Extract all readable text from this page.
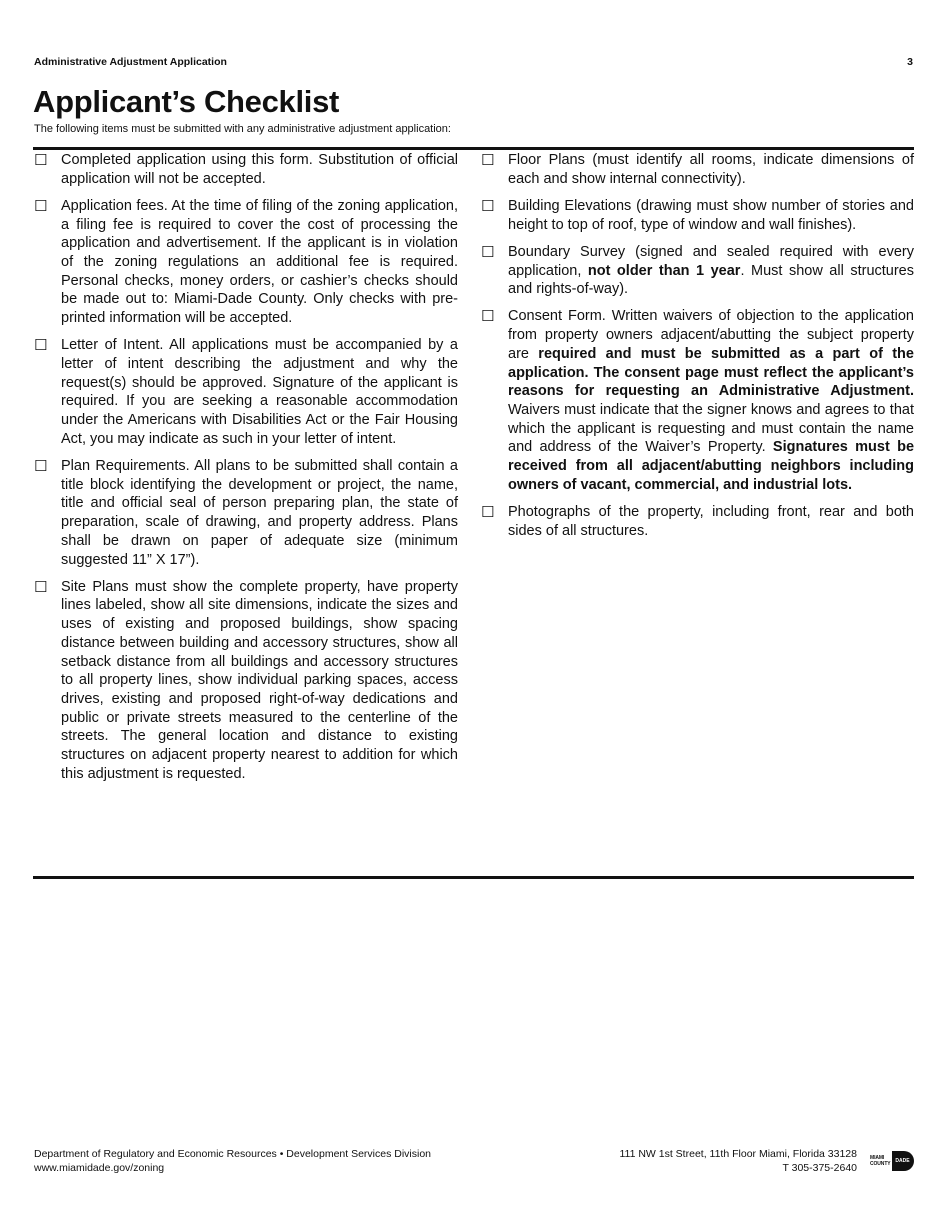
Administrative Adjustment Application	3
Applicant’s Checklist
The following items must be submitted with any administrative adjustment application:
☐ Completed application using this form. Substitution of official application will not be accepted.
☐ Application fees. At the time of filing of the zoning application, a filing fee is required to cover the cost of processing the application and advertisement. If the applicant is in violation of the zoning regulations an additional fee is required. Personal checks, money orders, or cashier’s checks should be made out to: Miami-Dade County. Only checks with pre-printed information will be accepted.
☐ Letter of Intent. All applications must be accompanied by a letter of intent describing the adjustment and why the request(s) should be approved. Signature of the applicant is required. If you are seeking a reasonable accommodation under the Americans with Disabilities Act or the Fair Housing Act, you may indicate as such in your letter of intent.
☐ Plan Requirements. All plans to be submitted shall contain a title block identifying the development or project, the name, title and official seal of person preparing plan, the state of preparation, scale of drawing, and property address. Plans shall be drawn on paper of adequate size (minimum suggested 11” X 17”).
☐ Site Plans must show the complete property, have property lines labeled, show all site dimensions, indicate the sizes and uses of existing and proposed buildings, show spacing distance between building and accessory structures, show all setback distance from all buildings and accessory structures to all property lines, show individual parking spaces, access drives, existing and proposed right-of-way dedications and public or private streets measured to the centerline of the streets. The general location and distance to existing structures on adjacent property nearest to addition for which this adjustment is requested.
☐ Floor Plans (must identify all rooms, indicate dimensions of each and show internal connectivity).
☐ Building Elevations (drawing must show number of stories and height to top of roof, type of window and wall finishes).
☐ Boundary Survey (signed and sealed required with every application, not older than 1 year. Must show all structures and rights-of-way).
☐ Consent Form. Written waivers of objection to the application from property owners adjacent/abutting the subject property are required and must be submitted as a part of the application. The consent page must reflect the applicant’s reasons for requesting an Administrative Adjustment. Waivers must indicate that the signer knows and agrees to that which the applicant is requesting and must contain the name and address of the Waiver’s Property. Signatures must be received from all adjacent/abutting neighbors including owners of vacant, commercial, and industrial lots.
☐ Photographs of the property, including front, rear and both sides of all structures.
Department of Regulatory and Economic Resources • Development Services Division
www.miamidade.gov/zoning
111 NW 1st Street, 11th Floor Miami, Florida 33128
T 305-375-2640
MIAMI
COUNTY DADE
